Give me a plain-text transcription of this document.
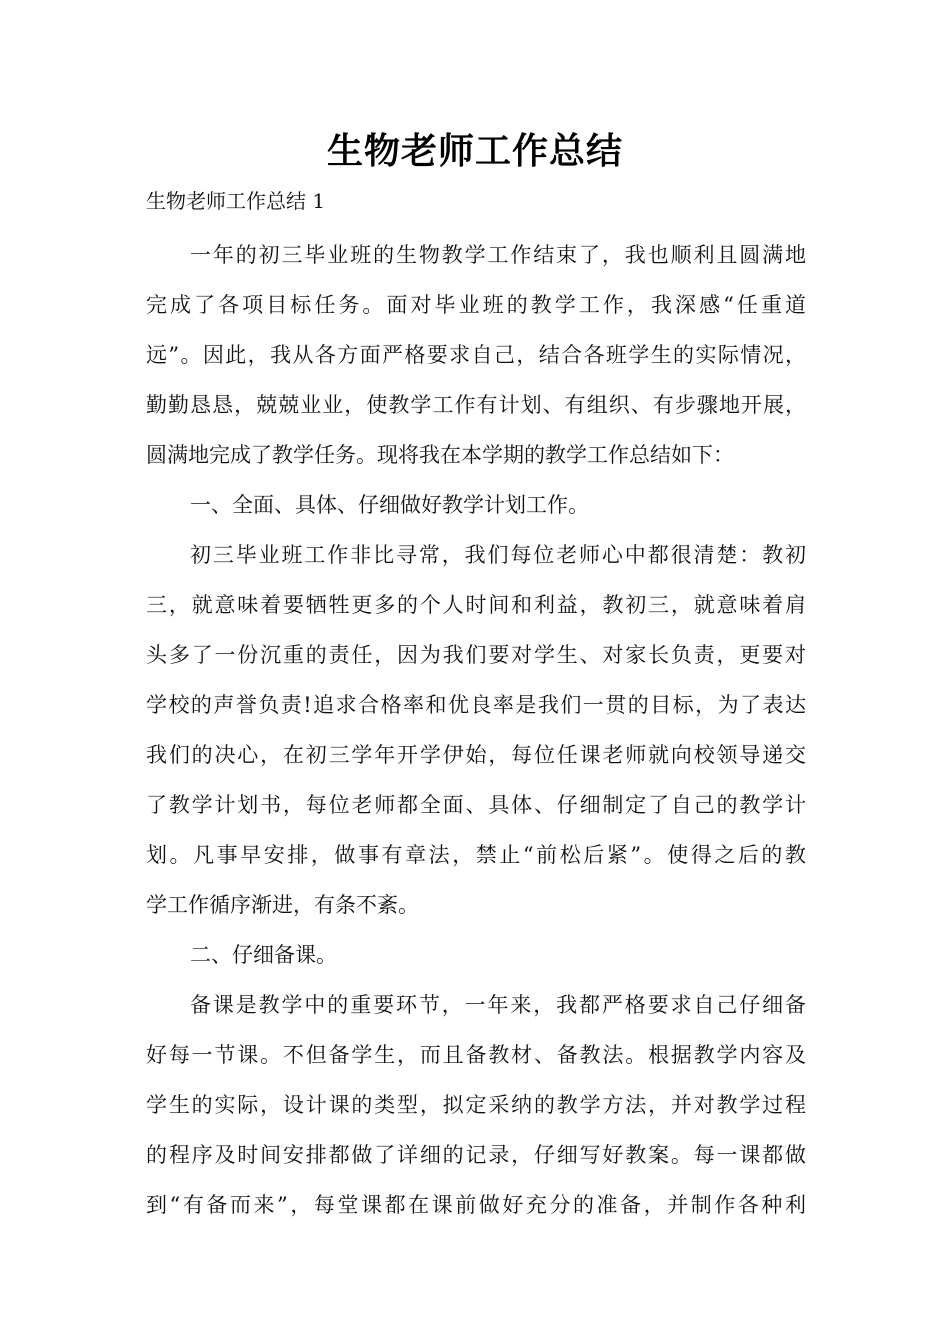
生物老师工作总结
生物老师工作总结 1
一年的初三毕业班的生物教学工作结束了，我也顺利且圆满地
完成了各项目标任务。面对毕业班的教学工作，我深感“任重道
远”。因此，我从各方面严格要求自己，结合各班学生的实际情况，
勤勤恳恳，兢兢业业，使教学工作有计划、有组织、有步骤地开展，
圆满地完成了教学任务。现将我在本学期的教学工作总结如下：
一、全面、具体、仔细做好教学计划工作。
初三毕业班工作非比寻常，我们每位老师心中都很清楚：教初
三，就意味着要牺牲更多的个人时间和利益，教初三，就意味着肩
头多了一份沉重的责任，因为我们要对学生、对家长负责，更要对
学校的声誉负责!追求合格率和优良率是我们一贯的目标，为了表达
我们的决心，在初三学年开学伊始，每位任课老师就向校领导递交
了教学计划书，每位老师都全面、具体、仔细制定了自己的教学计
划。凡事早安排，做事有章法，禁止“前松后紧”。使得之后的教
学工作循序渐进，有条不紊。
二、仔细备课。
备课是教学中的重要环节，一年来，我都严格要求自己仔细备
好每一节课。不但备学生，而且备教材、备教法。根据教学内容及
学生的实际，设计课的类型，拟定采纳的教学方法，并对教学过程
的程序及时间安排都做了详细的记录，仔细写好教案。每一课都做
到“有备而来”，每堂课都在课前做好充分的准备，并制作各种利
